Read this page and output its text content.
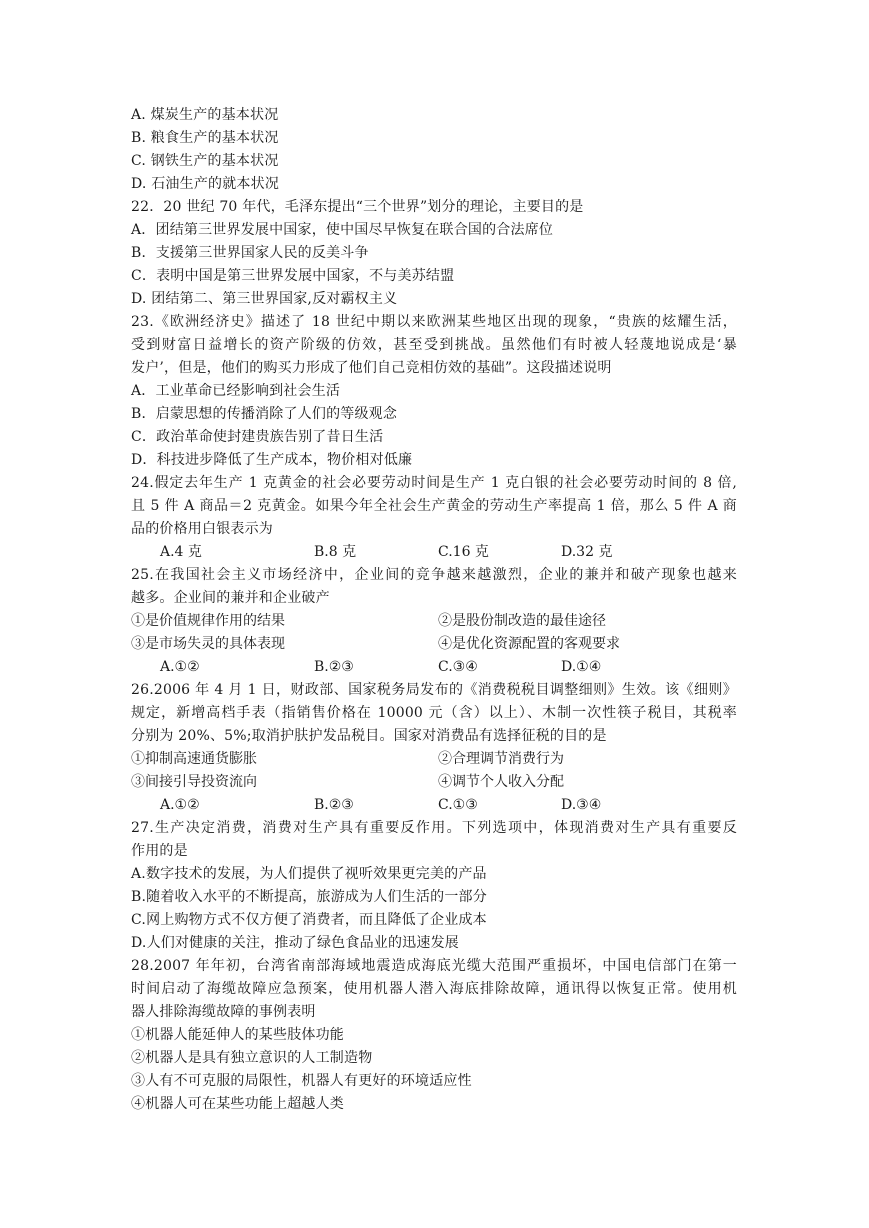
A. 煤炭生产的基本状况
B. 粮食生产的基本状况
C. 钢铁生产的基本状况
D. 石油生产的就本状况
22．20 世纪 70 年代，毛泽东提出“三个世界”划分的理论，主要目的是
A．团结第三世界发展中国家，使中国尽早恢复在联合国的合法席位
B．支援第三世界国家人民的反美斗争
C．表明中国是第三世界发展中国家，不与美苏结盟
D. 团结第二、第三世界国家,反对霸权主义
23.《欧洲经济史》描述了 18 世纪中期以来欧洲某些地区出现的现象，“贵族的炫耀生活，
受到财富日益增长的资产阶级的仿效，甚至受到挑战。虽然他们有时被人轻蔑地说成是‘暴
发户’，但是，他们的购买力形成了他们自己竞相仿效的基础”。这段描述说明
A．工业革命已经影响到社会生活
B．启蒙思想的传播消除了人们的等级观念
C．政治革命使封建贵族告别了昔日生活
D．科技进步降低了生产成本，物价相对低廉
24.假定去年生产 1 克黄金的社会必要劳动时间是生产 1 克白银的社会必要劳动时间的 8 倍,
且 5 件 A 商品＝2 克黄金。如果今年全社会生产黄金的劳动生产率提高 1 倍，那么 5 件 A 商
品的价格用白银表示为
A.4 克	B.8 克	C.16 克	D.32 克
25.在我国社会主义市场经济中，企业间的竞争越来越激烈，企业的兼并和破产现象也越来
越多。企业间的兼并和企业破产
①是价值规律作用的结果	②是股份制改造的最佳途径
③是市场失灵的具体表现	④是优化资源配置的客观要求
A.①②	B.②③	C.③④	D.①④
26.2006 年 4 月 1 日，财政部、国家税务局发布的《消费税税目调整细则》生效。该《细则》
规定，新增高档手表（指销售价格在 10000 元（含）以上）、木制一次性筷子税目，其税率
分别为 20%、5%;取消护肤护发品税目。国家对消费品有选择征税的目的是
①抑制高速通货膨胀	②合理调节消费行为
③间接引导投资流向	④调节个人收入分配
A.①②	B.②③	C.①③	D.③④
27.生产决定消费，消费对生产具有重要反作用。下列选项中，体现消费对生产具有重要反
作用的是
A.数字技术的发展，为人们提供了视听效果更完美的产品
B.随着收入水平的不断提高，旅游成为人们生活的一部分
C.网上购物方式不仅方便了消费者，而且降低了企业成本
D.人们对健康的关注，推动了绿色食品业的迅速发展
28.2007 年年初，台湾省南部海域地震造成海底光缆大范围严重损坏，中国电信部门在第一
时间启动了海缆故障应急预案，使用机器人潜入海底排除故障，通讯得以恢复正常。使用机
器人排除海缆故障的事例表明
①机器人能延伸人的某些肢体功能
②机器人是具有独立意识的人工制造物
③人有不可克服的局限性，机器人有更好的环境适应性
④机器人可在某些功能上超越人类
